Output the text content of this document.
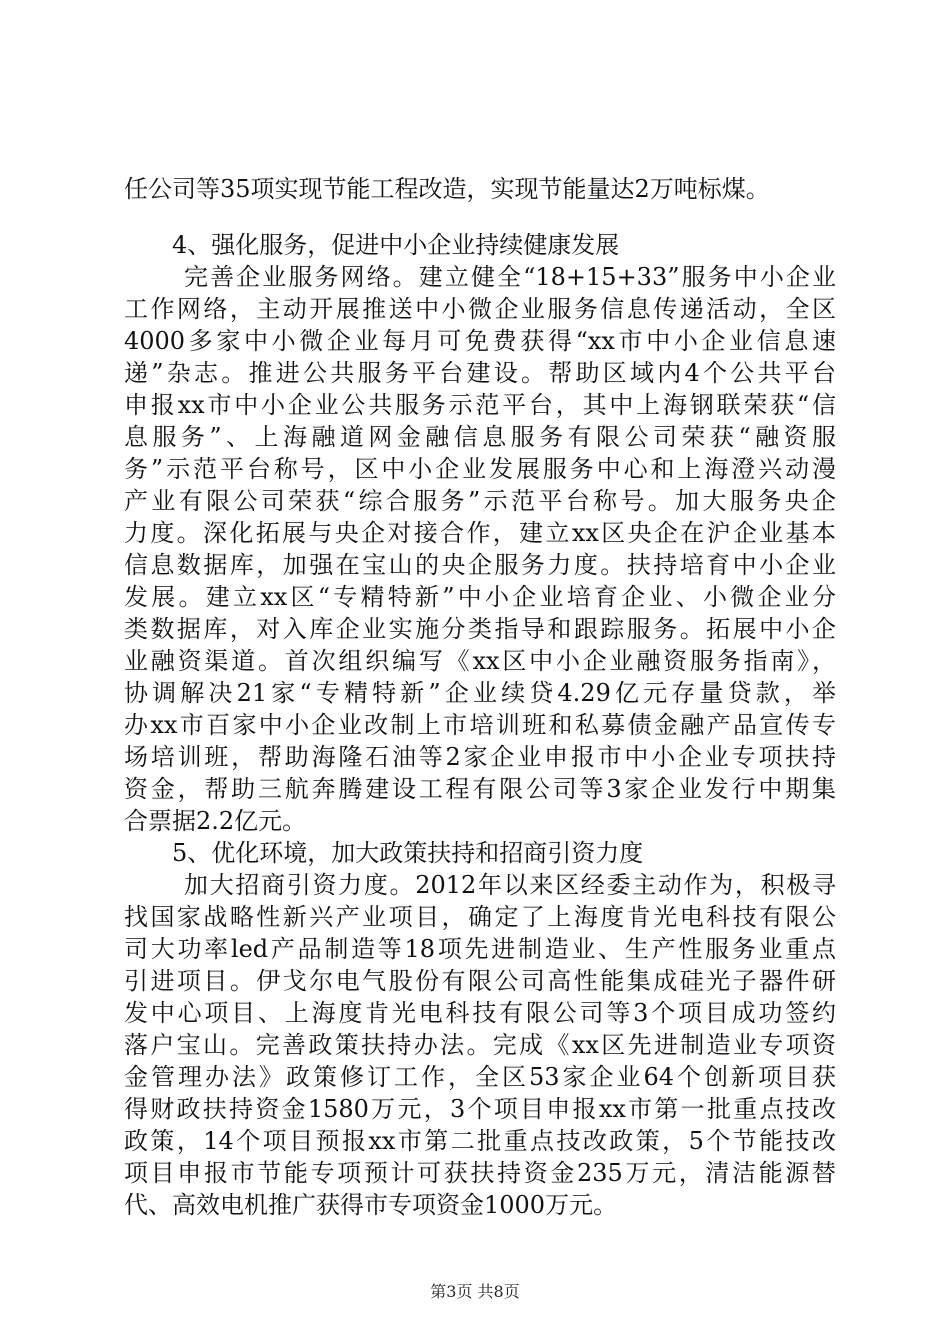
任公司等35项实现节能工程改造，实现节能量达2万吨标煤。
4、强化服务，促进中小企业持续健康发展
完善企业服务网络。建立健全“18+15+33”服务中小企业
工作网络，主动开展推送中小微企业服务信息传递活动，全区
4000多家中小微企业每月可免费获得“xx市中小企业信息速
递”杂志。推进公共服务平台建设。帮助区域内4个公共平台
申报xx市中小企业公共服务示范平台，其中上海钢联荣获“信
息服务”、上海融道网金融信息服务有限公司荣获“融资服
务”示范平台称号，区中小企业发展服务中心和上海澄兴动漫
产业有限公司荣获“综合服务”示范平台称号。加大服务央企
力度。深化拓展与央企对接合作，建立xx区央企在沪企业基本
信息数据库，加强在宝山的央企服务力度。扶持培育中小企业
发展。建立xx区“专精特新”中小企业培育企业、小微企业分
类数据库，对入库企业实施分类指导和跟踪服务。拓展中小企
业融资渠道。首次组织编写《xx区中小企业融资服务指南》，
协调解决21家“专精特新”企业续贷4.29亿元存量贷款，举
办xx市百家中小企业改制上市培训班和私募债金融产品宣传专
场培训班，帮助海隆石油等2家企业申报市中小企业专项扶持
资金，帮助三航奔腾建设工程有限公司等3家企业发行中期集
合票据2.2亿元。
5、优化环境，加大政策扶持和招商引资力度
加大招商引资力度。2012年以来区经委主动作为，积极寻
找国家战略性新兴产业项目，确定了上海度肯光电科技有限公
司大功率led产品制造等18项先进制造业、生产性服务业重点
引进项目。伊戈尔电气股份有限公司高性能集成硅光子器件研
发中心项目、上海度肯光电科技有限公司等3个项目成功签约
落户宝山。完善政策扶持办法。完成《xx区先进制造业专项资
金管理办法》政策修订工作，全区53家企业64个创新项目获
得财政扶持资金1580万元，3个项目申报xx市第一批重点技改
政策，14个项目预报xx市第二批重点技改政策，5个节能技改
项目申报市节能专项预计可获扶持资金235万元，清洁能源替
代、高效电机推广获得市专项资金1000万元。
第3页 共8页
